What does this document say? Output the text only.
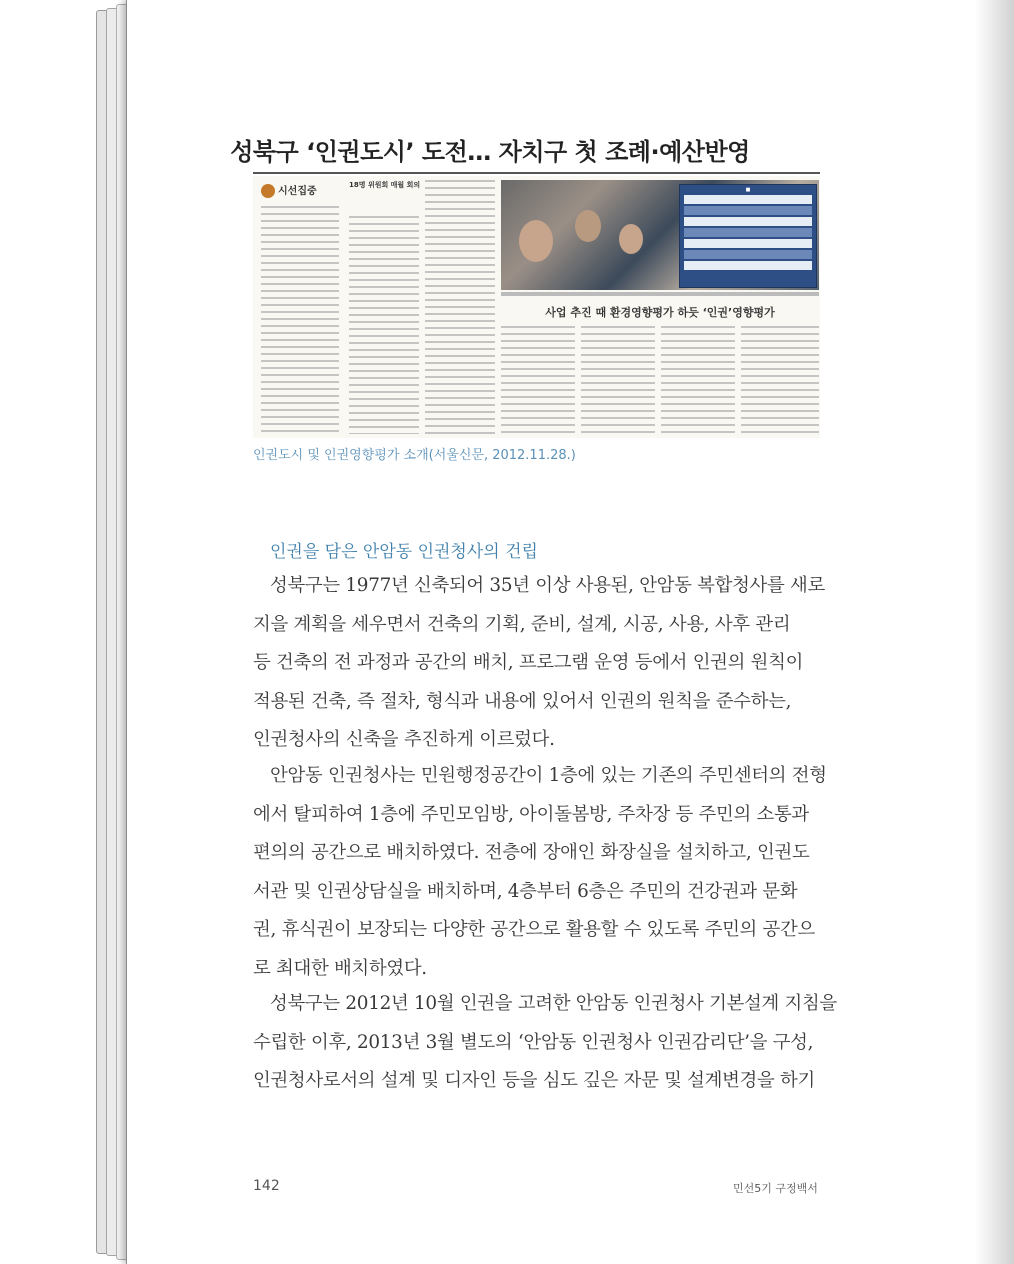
성북구 ‘인권도시’ 도전… 자치구 첫 조례·예산반영
시선집중
18명 위원회 매월 회의
■
사업 추진 때 환경영향평가 하듯 ‘인권’영향평가
인권도시 및 인권영향평가 소개(서울신문, 2012.11.28.)
인권을 담은 안암동 인권청사의 건립
성북구는 1977년 신축되어 35년 이상 사용된, 안암동 복합청사를 새로
지을 계획을 세우면서 건축의 기획, 준비, 설계, 시공, 사용, 사후 관리
등 건축의 전 과정과 공간의 배치, 프로그램 운영 등에서 인권의 원칙이
적용된 건축, 즉 절차, 형식과 내용에 있어서 인권의 원칙을 준수하는,
인권청사의 신축을 추진하게 이르렀다.
안암동 인권청사는 민원행정공간이 1층에 있는 기존의 주민센터의 전형
에서 탈피하여 1층에 주민모임방, 아이돌봄방, 주차장 등 주민의 소통과
편의의 공간으로 배치하였다. 전층에 장애인 화장실을 설치하고, 인권도
서관 및 인권상담실을 배치하며, 4층부터 6층은 주민의 건강권과 문화
권, 휴식권이 보장되는 다양한 공간으로 활용할 수 있도록 주민의 공간으
로 최대한 배치하였다.
성북구는 2012년 10월 인권을 고려한 안암동 인권청사 기본설계 지침을
수립한 이후, 2013년 3월 별도의 ‘안암동 인권청사 인권감리단’을 구성,
인권청사로서의 설계 및 디자인 등을 심도 깊은 자문 및 설계변경을 하기
142	민선5기 구정백서
